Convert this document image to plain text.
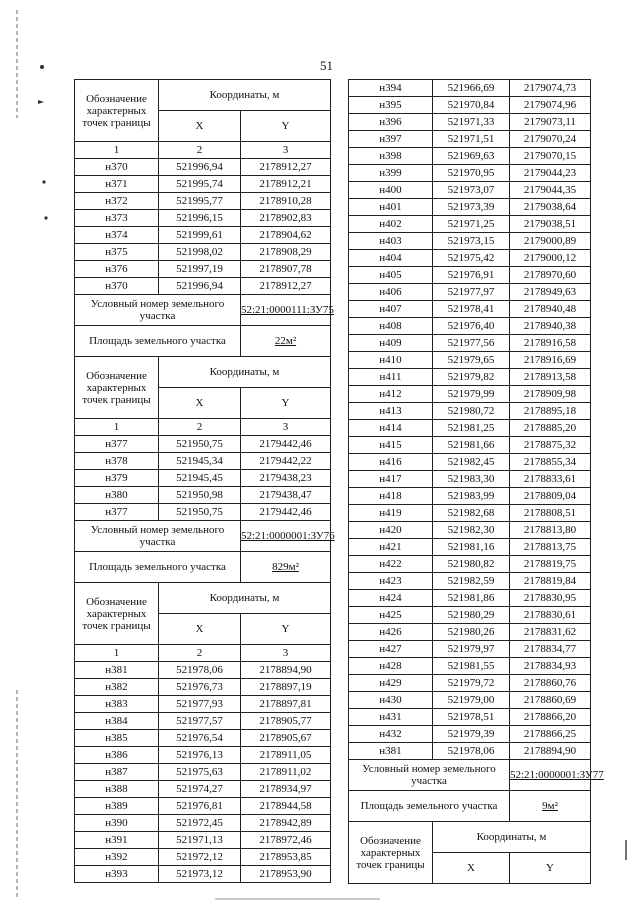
51
Обозначение характерных точек границы	Координаты, м	
	X	Y
1	2	3
н370	521996,94	2178912,27
н371	521995,74	2178912,21
н372	521995,77	2178910,28
н373	521996,15	2178902,83
н374	521999,61	2178904,62
н375	521998,02	2178908,29
н376	521997,19	2178907,78
н370	521996,94	2178912,27
Условный номер земельного участка		52:21:0000111:ЗУ75
Площадь земельного участка		22м²
Обозначение характерных точек границы	Координаты, м	
	X	Y
1	2	3
н377	521950,75	2179442,46
н378	521945,34	2179442,22
н379	521945,45	2179438,23
н380	521950,98	2179438,47
н377	521950,75	2179442,46
Условный номер земельного участка		52:21:0000001:ЗУ76
Площадь земельного участка		829м²
Обозначение характерных точек границы	Координаты, м	
	X	Y
1	2	3
н381	521978,06	2178894,90
н382	521976,73	2178897,19
н383	521977,93	2178897,81
н384	521977,57	2178905,77
н385	521976,54	2178905,67
н386	521976,13	2178911,05
н387	521975,63	2178911,02
н388	521974,27	2178934,97
н389	521976,81	2178944,58
н390	521972,45	2178942,89
н391	521971,13	2178972,46
н392	521972,12	2178953,85
н393	521973,12	2178953,90
н394	521966,69	2179074,73
н395	521970,84	2179074,96
н396	521971,33	2179073,11
н397	521971,51	2179070,24
н398	521969,63	2179070,15
н399	521970,95	2179044,23
н400	521973,07	2179044,35
н401	521973,39	2179038,64
н402	521971,25	2179038,51
н403	521973,15	2179000,89
н404	521975,42	2179000,12
н405	521976,91	2178970,60
н406	521977,97	2178949,63
н407	521978,41	2178940,48
н408	521976,40	2178940,38
н409	521977,56	2178916,58
н410	521979,65	2178916,69
н411	521979,82	2178913,58
н412	521979,99	2178909,98
н413	521980,72	2178895,18
н414	521981,25	2178885,20
н415	521981,66	2178875,32
н416	521982,45	2178855,34
н417	521983,30	2178833,61
н418	521983,99	2178809,04
н419	521982,68	2178808,51
н420	521982,30	2178813,80
н421	521981,16	2178813,75
н422	521980,82	2178819,75
н423	521982,59	2178819,84
н424	521981,86	2178830,95
н425	521980,29	2178830,61
н426	521980,26	2178831,62
н427	521979,97	2178834,77
н428	521981,55	2178834,93
н429	521979,72	2178860,76
н430	521979,00	2178860,69
н431	521978,51	2178866,20
н432	521979,39	2178866,25
н381	521978,06	2178894,90
Условный номер земельного участка		52:21:0000001:ЗУ77
Площадь земельного участка		9м²
Обозначение характерных точек границы	Координаты, м	
	X	Y
